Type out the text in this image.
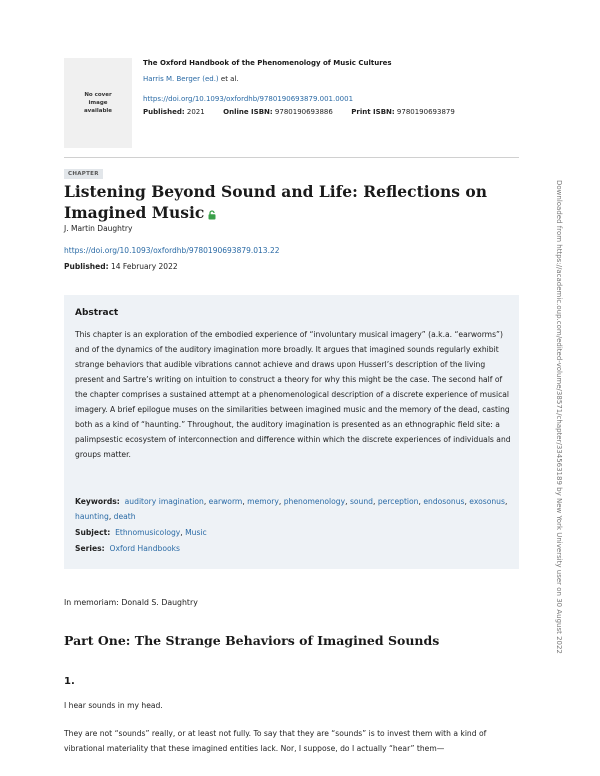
No cover
image
available
The Oxford Handbook of the Phenomenology of Music Cultures
Harris M. Berger (ed.) et al.
https://doi.org/10.1093/oxfordhb/9780190693879.001.0001
Published: 2021	Online ISBN: 9780190693886	Print ISBN: 9780190693879
CHAPTER
Listening Beyond Sound and Life: Reflections on Imagined Music
J. Martin Daughtry
https://doi.org/10.1093/oxfordhb/9780190693879.013.22
Published: 14 February 2022
Abstract
This chapter is an exploration of the embodied experience of “involuntary musical imagery” (a.k.a. “earworms”) and of the dynamics of the auditory imagination more broadly. It argues that imagined sounds regularly exhibit strange behaviors that audible vibrations cannot achieve and draws upon Husserl’s description of the living present and Sartre’s writing on intuition to construct a theory for why this might be the case. The second half of the chapter comprises a sustained attempt at a phenomenological description of a discrete experience of musical imagery. A brief epilogue muses on the similarities between imagined music and the memory of the dead, casting both as a kind of “haunting.” Throughout, the auditory imagination is presented as an ethnographic field site: a palimpsestic ecosystem of interconnection and difference within which the discrete experiences of individuals and groups matter.
Keywords: auditory imagination, earworm, memory, phenomenology, sound, perception, endosonus, exosonus, haunting, death
Subject: Ethnomusicology, Music
Series: Oxford Handbooks
In memoriam: Donald S. Daughtry
Part One: The Strange Behaviors of Imagined Sounds
1.
I hear sounds in my head.
They are not “sounds” really, or at least not fully. To say that they are “sounds” is to invest them with a kind of vibrational materiality that these imagined entities lack. Nor, I suppose, do I actually “hear” them—
Downloaded from https://academic.oup.com/edited-volume/38571/chapter/334563189 by New York University user on 30 August 2022
